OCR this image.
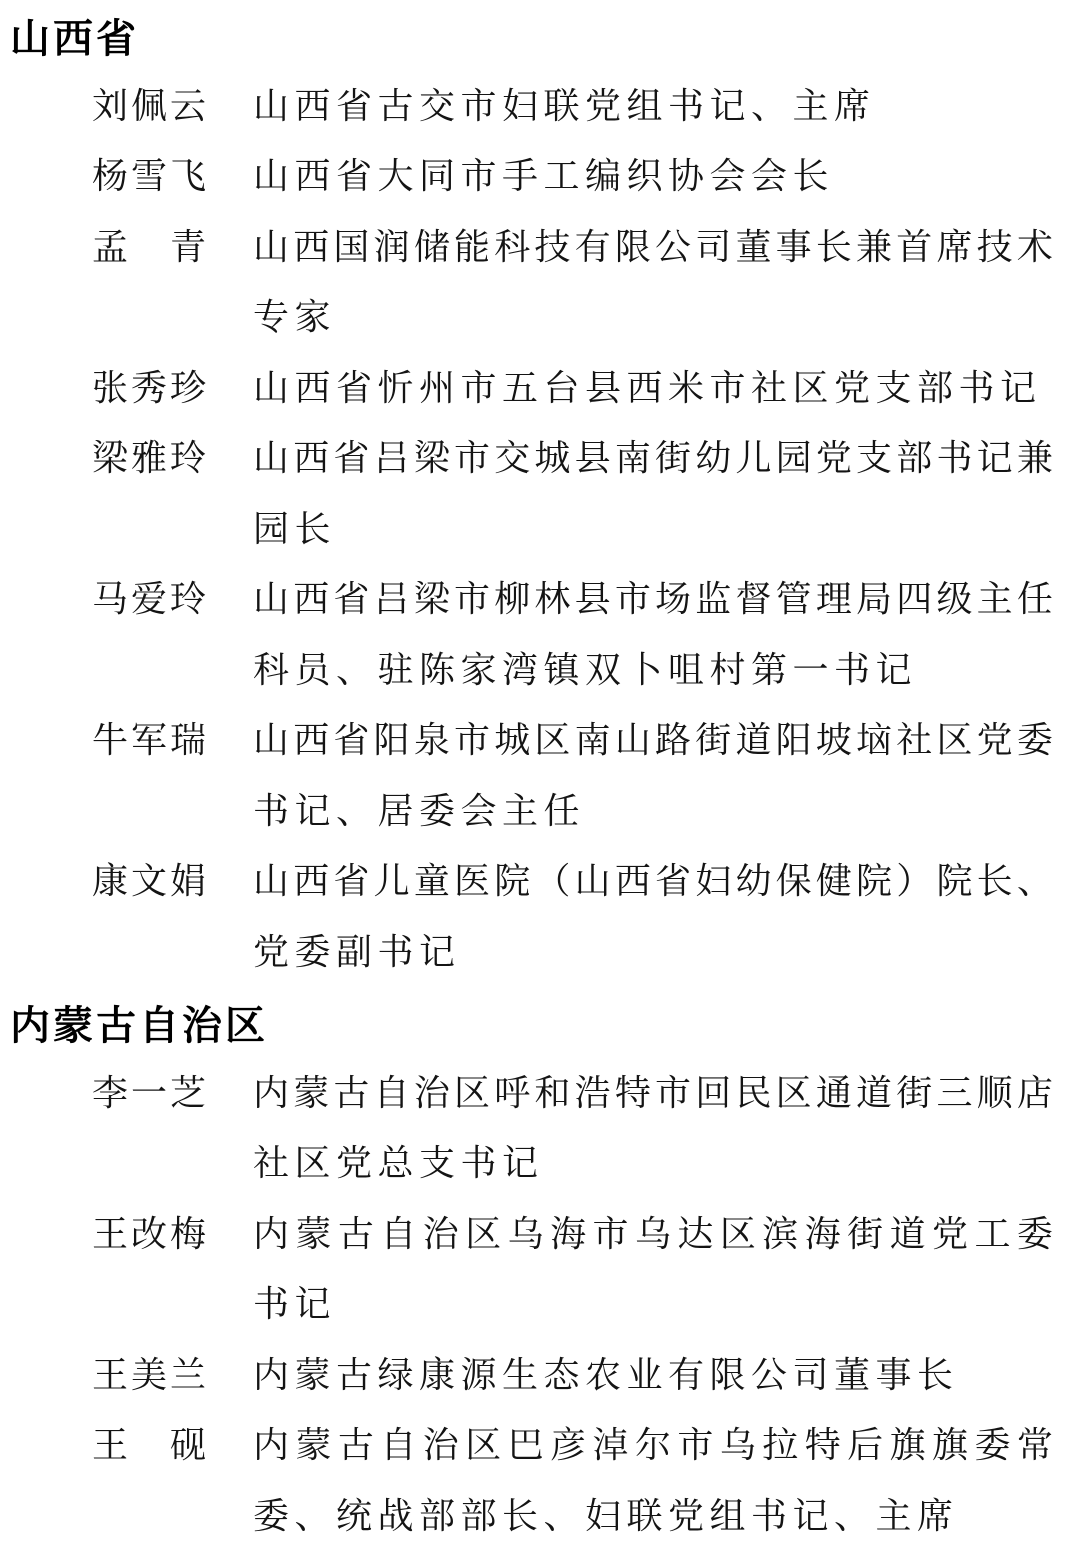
山西省
刘 佩 云 山西省古交市妇联党组书记、主席
杨 雪 飞 山西省大同市手工编织协会会长
孟 青 山 西 国 润 储 能 科 技 有 限 公 司 董 事 长 兼 首 席 技 术
专家
张 秀 珍 山西省忻州市五台县西米市社区党支部书记
梁 雅 玲 山 西 省 吕 梁 市 交 城 县 南 街 幼 儿 园 党 支 部 书 记 兼
园长
马 爱 玲 山 西 省 吕 梁 市 柳 林 县 市 场 监 督 管 理 局 四 级 主 任
科员、驻陈家湾镇双卜咀村第一书记
牛 军 瑞 山 西 省 阳 泉 市 城 区 南 山 路 街 道 阳 坡 垴 社 区 党 委
书记、居委会主任
康 文 娟 山 西 省 儿 童 医 院 （ 山 西 省 妇 幼 保 健 院 ） 院 长 、
党委副书记
内蒙古自治区
李 一 芝 内 蒙 古 自 治 区 呼 和 浩 特 市 回 民 区 通 道 街 三 顺 店
社区党总支书记
王 改 梅 内 蒙 古 自 治 区 乌 海 市 乌 达 区 滨 海 街 道 党 工 委
书记
王 美 兰 内蒙古绿康源生态农业有限公司董事长
王 砚 内 蒙 古 自 治 区 巴 彦 淖 尔 市 乌 拉 特 后 旗 旗 委 常
委、统战部部长、妇联党组书记、主席
